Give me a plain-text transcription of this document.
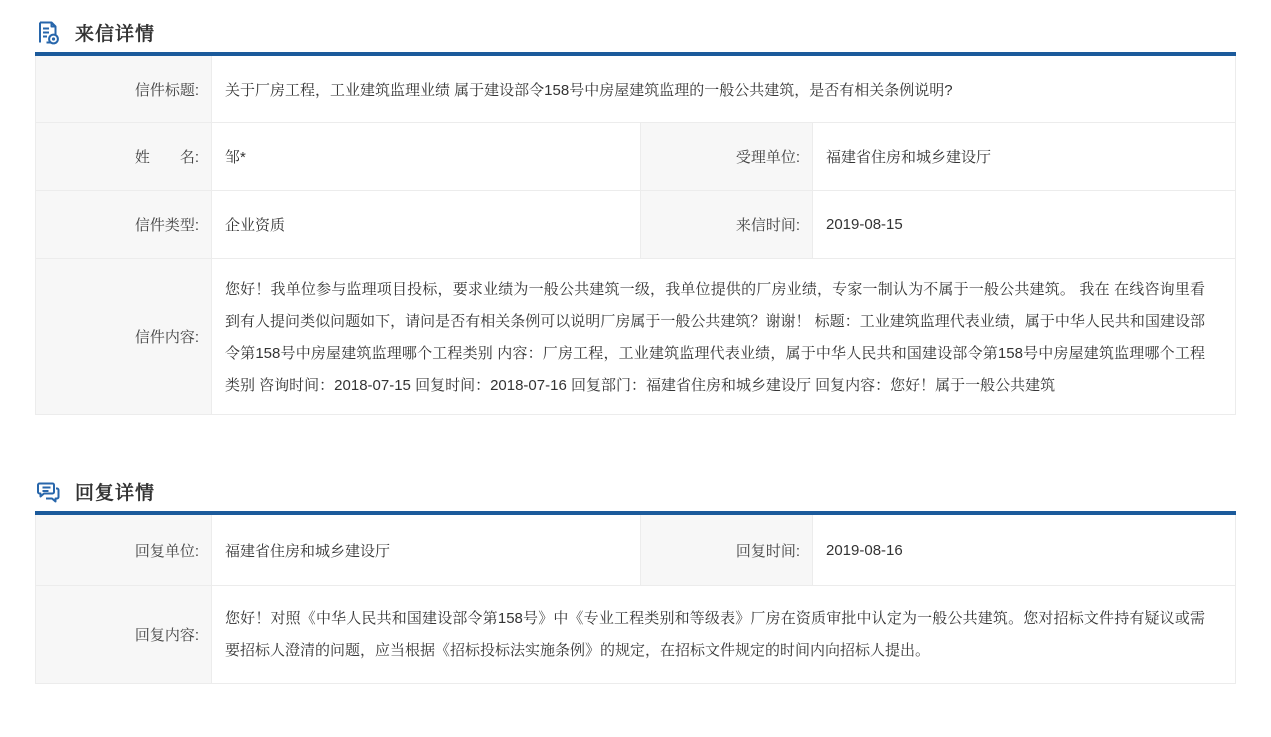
来信详情
信件标题:	关于厂房工程，工业建筑监理业绩 属于建设部令158号中房屋建筑监理的一般公共建筑，是否有相关条例说明?
姓　　名:	邹*	受理单位:	福建省住房和城乡建设厅
信件类型:	企业资质	来信时间:	2019-08-15
信件内容:
您好！我单位参与监理项目投标，要求业绩为一般公共建筑一级，我单位提供的厂房业绩，专家一制认为不属于一般公共建筑。 我在 在线咨询里看到有人提问类似问题如下，请问是否有相关条例可以说明厂房属于一般公共建筑？谢谢！ 标题：工业建筑监理代表业绩，属于中华人民共和国建设部令第158号中房屋建筑监理哪个工程类别 内容：厂房工程，工业建筑监理代表业绩，属于中华人民共和国建设部令第158号中房屋建筑监理哪个工程类别 咨询时间：2018-07-15 回复时间：2018-07-16 回复部门：福建省住房和城乡建设厅 回复内容：您好！属于一般公共建筑
回复详情
回复单位:	福建省住房和城乡建设厅	回复时间:	2019-08-16
回复内容:
您好！对照《中华人民共和国建设部令第158号》中《专业工程类别和等级表》厂房在资质审批中认定为一般公共建筑。您对招标文件持有疑议或需要招标人澄清的问题，应当根据《招标投标法实施条例》的规定，在招标文件规定的时间内向招标人提出。
